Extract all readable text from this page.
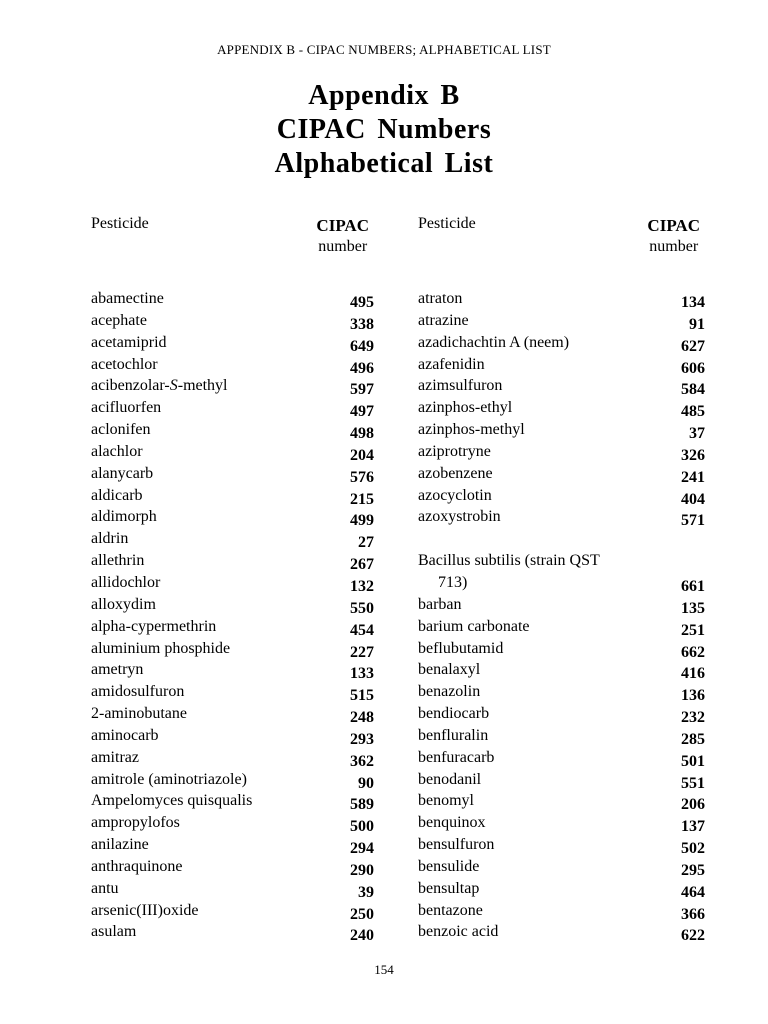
APPENDIX B - CIPAC NUMBERS; ALPHABETICAL LIST
Appendix B
CIPAC Numbers
Alphabetical List
Pesticide	CIPAC
number
abamectine	495
acephate	338
acetamiprid	649
acetochlor	496
acibenzolar-S-methyl	597
acifluorfen	497
aclonifen	498
alachlor	204
alanycarb	576
aldicarb	215
aldimorph	499
aldrin	27
allethrin	267
allidochlor	132
alloxydim	550
alpha-cypermethrin	454
aluminium phosphide	227
ametryn	133
amidosulfuron	515
2-aminobutane	248
aminocarb	293
amitraz	362
amitrole (aminotriazole)	90
Ampelomyces quisqualis	589
ampropylofos	500
anilazine	294
anthraquinone	290
antu	39
arsenic(III)oxide	250
asulam	240
Pesticide	CIPAC
number
atraton	134
atrazine	91
azadichachtin A (neem)	627
azafenidin	606
azimsulfuron	584
azinphos-ethyl	485
azinphos-methyl	37
aziprotryne	326
azobenzene	241
azocyclotin	404
azoxystrobin	571
Bacillus subtilis (strain QST
713)	661
barban	135
barium carbonate	251
beflubutamid	662
benalaxyl	416
benazolin	136
bendiocarb	232
benfluralin	285
benfuracarb	501
benodanil	551
benomyl	206
benquinox	137
bensulfuron	502
bensulide	295
bensultap	464
bentazone	366
benzoic acid	622
154
